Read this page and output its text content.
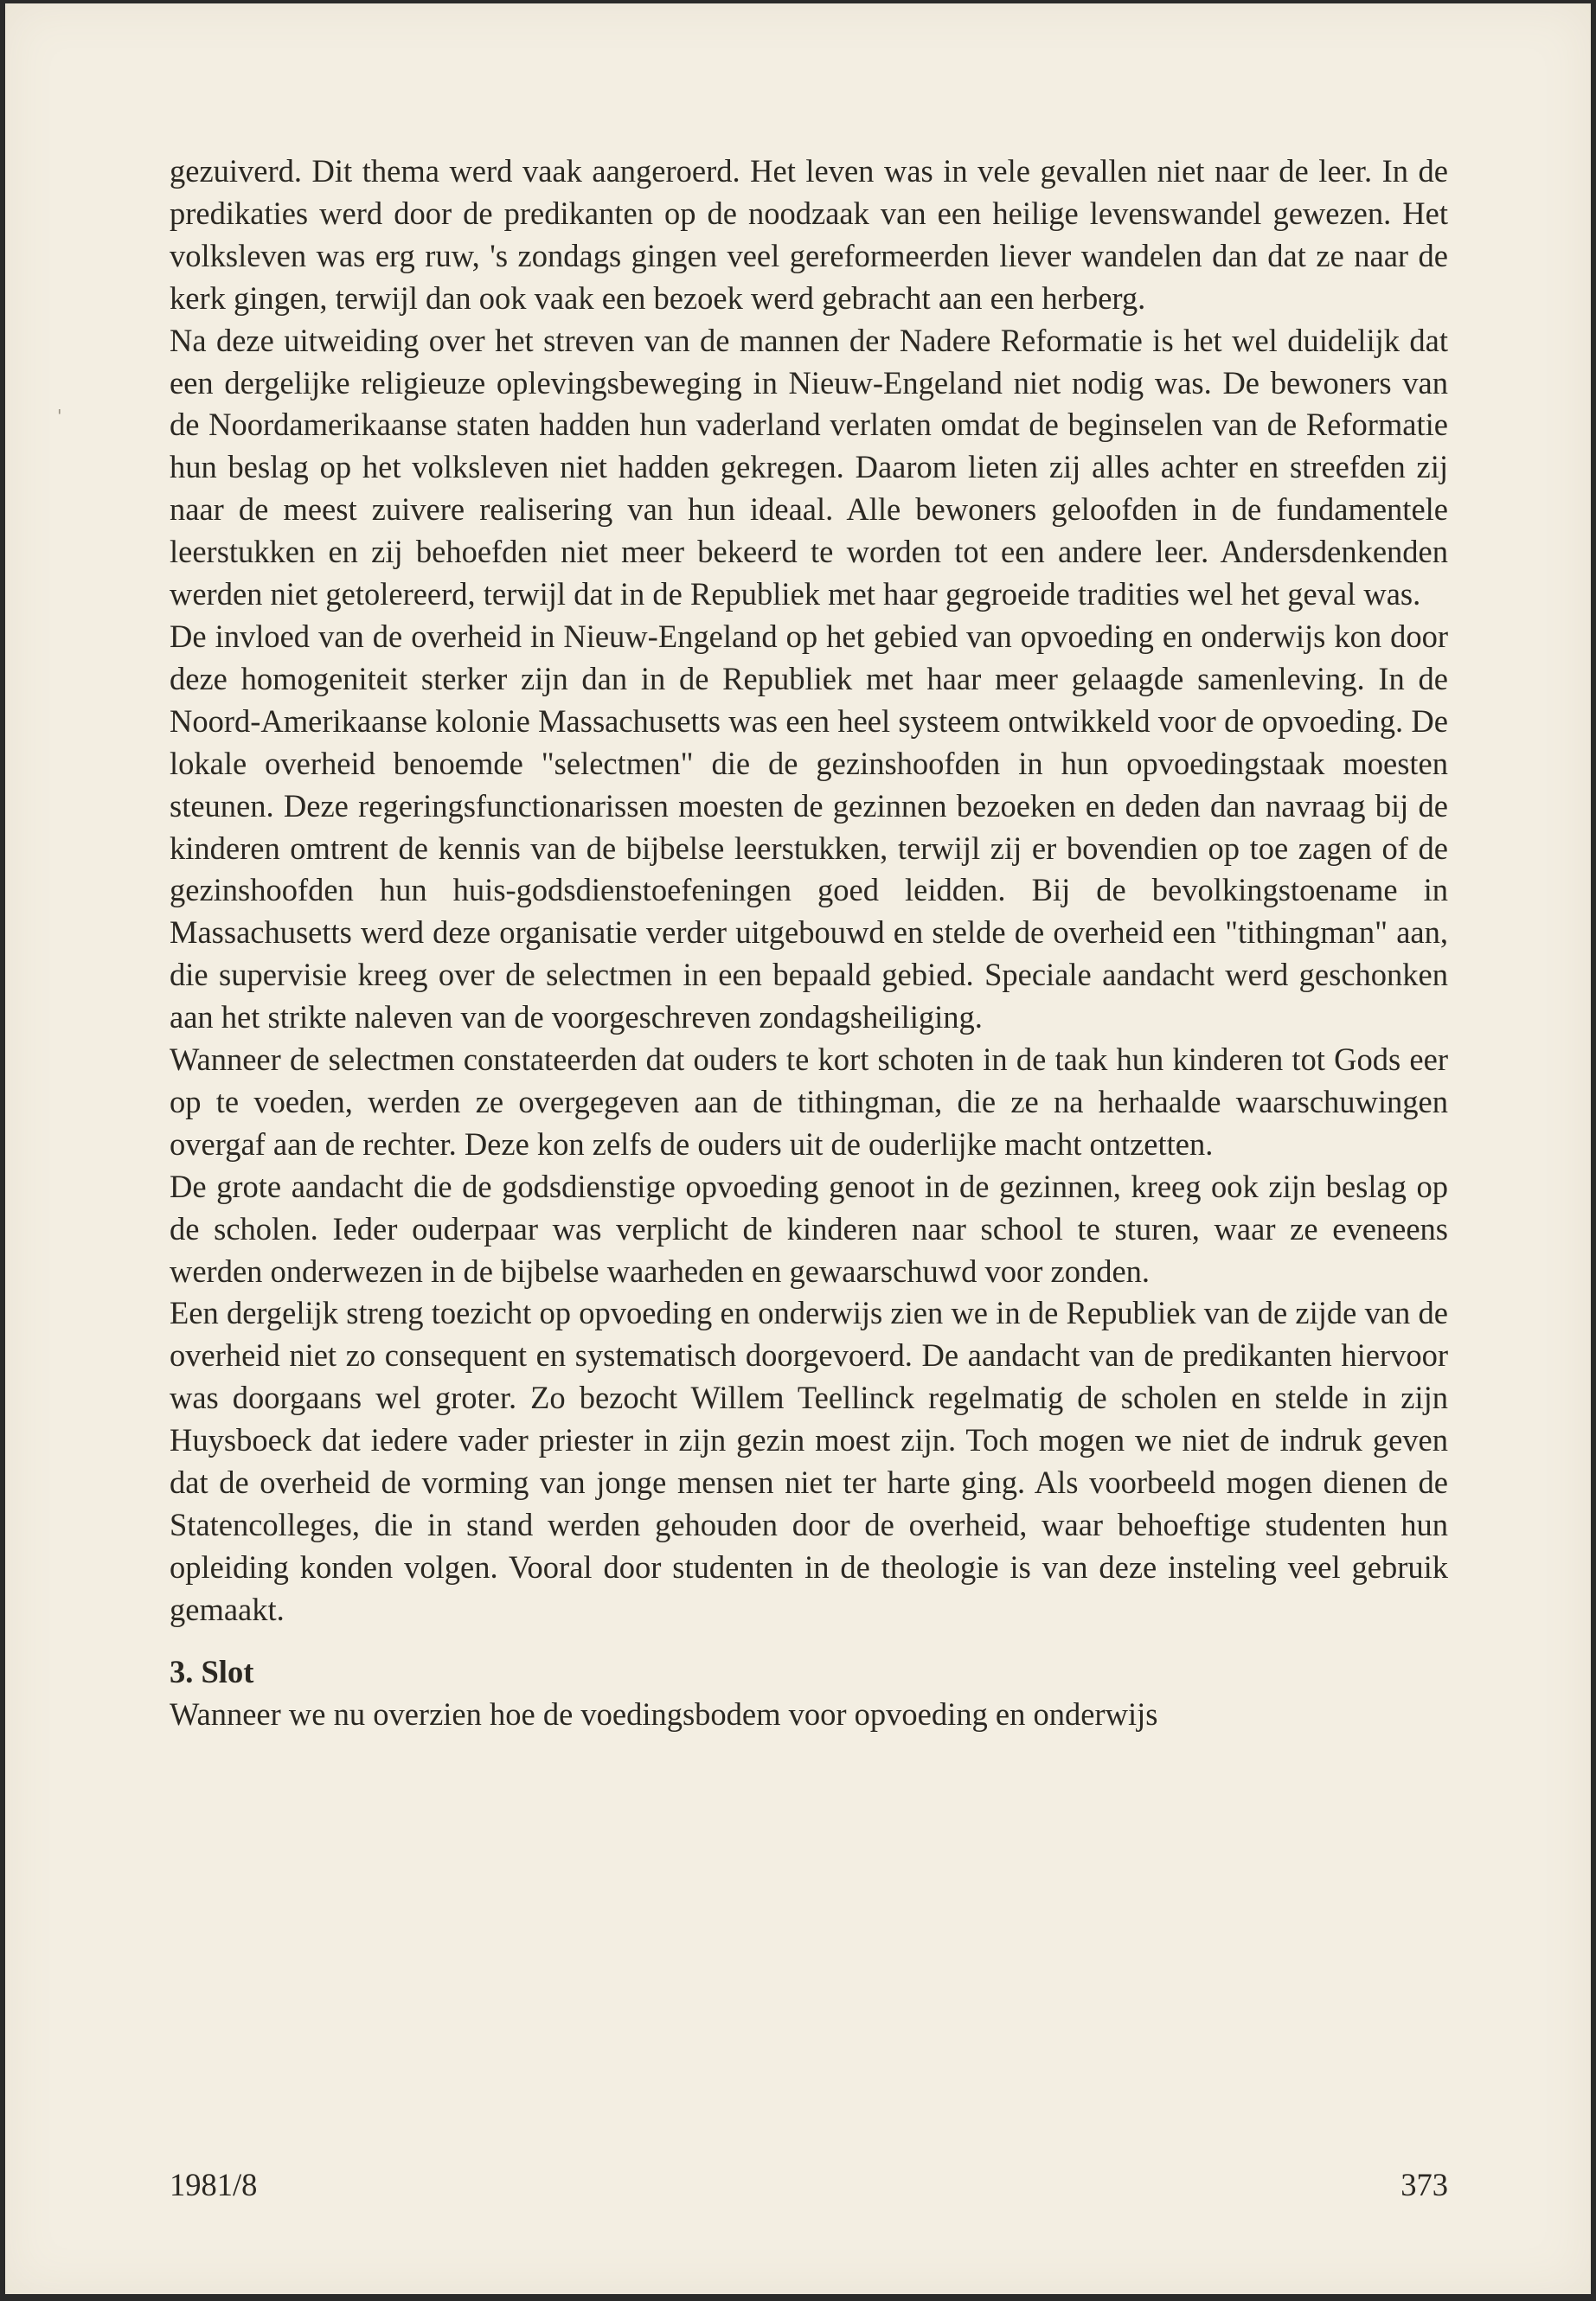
'

gezuiverd. Dit thema werd vaak aangeroerd. Het leven was in vele gevallen niet naar de leer. In de predikaties werd door de predikanten op de noodzaak van een heilige levenswandel gewezen. Het volksleven was erg ruw, 's zondags gingen veel gereformeerden liever wandelen dan dat ze naar de kerk gingen, terwijl dan ook vaak een bezoek werd gebracht aan een herberg.

Na deze uitweiding over het streven van de mannen der Nadere Reformatie is het wel duidelijk dat een dergelijke religieuze oplevingsbeweging in Nieuw-Engeland niet nodig was. De bewoners van de Noordamerikaanse staten hadden hun vaderland verlaten omdat de beginselen van de Reformatie hun beslag op het volksleven niet hadden gekregen. Daarom lieten zij alles achter en streefden zij naar de meest zuivere realisering van hun ideaal. Alle bewoners geloofden in de fundamentele leerstukken en zij behoefden niet meer bekeerd te worden tot een andere leer. Andersdenkenden werden niet getolereerd, terwijl dat in de Republiek met haar gegroeide tradities wel het geval was.

De invloed van de overheid in Nieuw-Engeland op het gebied van opvoeding en onderwijs kon door deze homogeniteit sterker zijn dan in de Republiek met haar meer gelaagde samenleving. In de Noord-Amerikaanse kolonie Massachusetts was een heel systeem ontwikkeld voor de opvoeding. De lokale overheid benoemde "selectmen" die de gezinshoofden in hun opvoedingstaak moesten steunen. Deze regeringsfunctionarissen moesten de gezinnen bezoeken en deden dan navraag bij de kinderen omtrent de kennis van de bijbelse leerstukken, terwijl zij er bovendien op toe zagen of de gezinshoofden hun huis-godsdienstoefeningen goed leidden. Bij de bevolkingstoename in Massachusetts werd deze organisatie verder uitgebouwd en stelde de overheid een "tithingman" aan, die supervisie kreeg over de selectmen in een bepaald gebied. Speciale aandacht werd geschonken aan het strikte naleven van de voorgeschreven zondagsheiliging.

Wanneer de selectmen constateerden dat ouders te kort schoten in de taak hun kinderen tot Gods eer op te voeden, werden ze overgegeven aan de tithingman, die ze na herhaalde waarschuwingen overgaf aan de rechter. Deze kon zelfs de ouders uit de ouderlijke macht ontzetten.

De grote aandacht die de godsdienstige opvoeding genoot in de gezinnen, kreeg ook zijn beslag op de scholen. Ieder ouderpaar was verplicht de kinderen naar school te sturen, waar ze eveneens werden onderwezen in de bijbelse waarheden en gewaarschuwd voor zonden.

Een dergelijk streng toezicht op opvoeding en onderwijs zien we in de Republiek van de zijde van de overheid niet zo consequent en systematisch doorgevoerd. De aandacht van de predikanten hiervoor was doorgaans wel groter. Zo bezocht Willem Teellinck regelmatig de scholen en stelde in zijn Huysboeck dat iedere vader priester in zijn gezin moest zijn. Toch mogen we niet de indruk geven dat de overheid de vorming van jonge mensen niet ter harte ging. Als voorbeeld mogen dienen de Statencolleges, die in stand werden gehouden door de overheid, waar behoeftige studenten hun opleiding konden volgen. Vooral door studenten in de theologie is van deze insteling veel gebruik gemaakt.

3. Slot

Wanneer we nu overzien hoe de voedingsbodem voor opvoeding en onderwijs

1981/8	373
